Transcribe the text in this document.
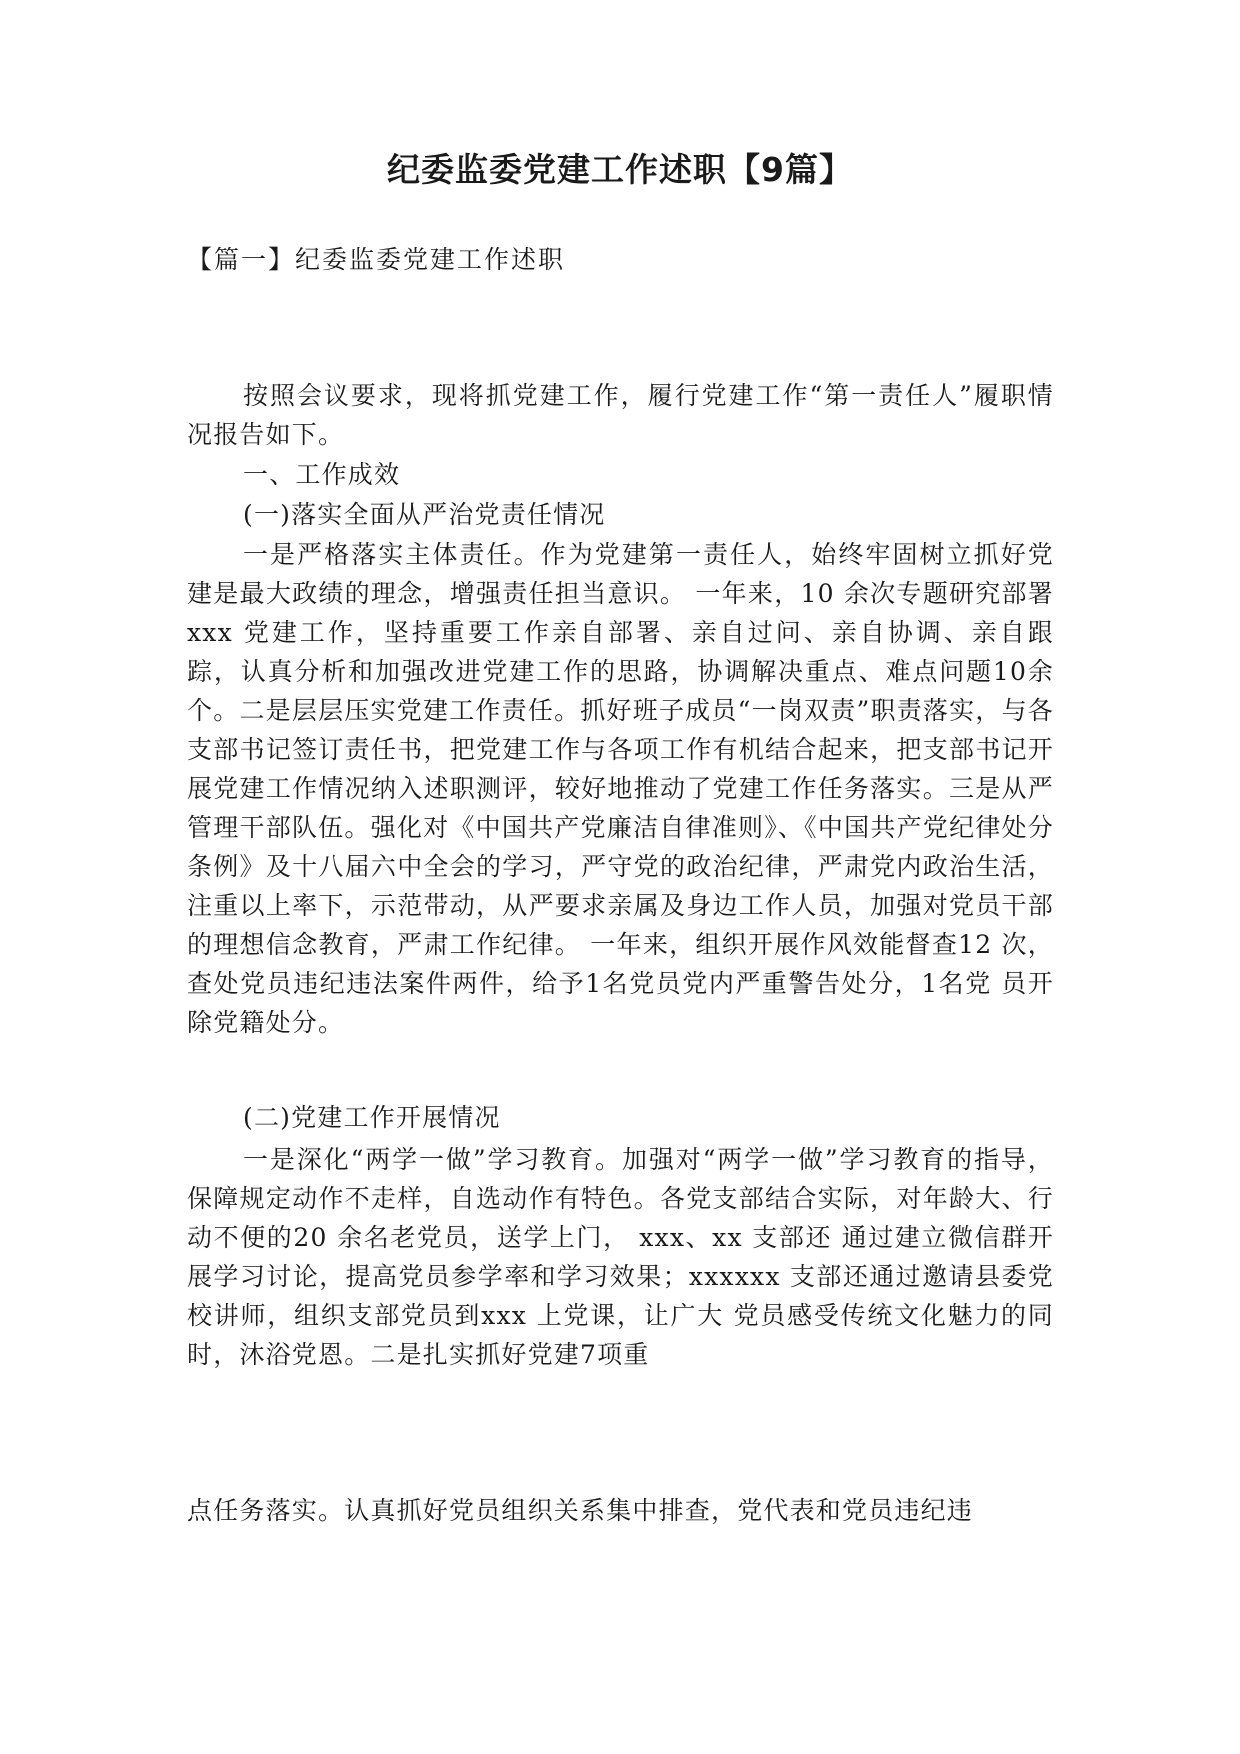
纪委监委党建工作述职【9篇】

【篇一】纪委监委党建工作述职

按照会议要求，现将抓党建工作，履行党建工作“第一责任人”履职情况报告如下。

一、工作成效

(一)落实全面从严治党责任情况

一是严格落实主体责任。作为党建第一责任人，始终牢固树立抓好党建是最大政绩的理念，增强责任担当意识。 一年来，10 余次专题研究部署xxx 党建工作，坚持重要工作亲自部署、亲自过问、亲自协调、亲自跟踪，认真分析和加强改进党建工作的思路，协调解决重点、难点问题10余个。二是层层压实党建工作责任。抓好班子成员“一岗双责”职责落实，与各支部书记签订责任书，把党建工作与各项工作有机结合起来，把支部书记开展党建工作情况纳入述职测评，较好地推动了党建工作任务落实。三是从严管理干部队伍。强化对《中国共产党廉洁自律准则》、《中国共产党纪律处分条例》及十八届六中全会的学习，严守党的政治纪律，严肃党内政治生活，注重以上率下，示范带动，从严要求亲属及身边工作人员，加强对党员干部的理想信念教育，严肃工作纪律。 一年来，组织开展作风效能督查12 次，查处党员违纪违法案件两件，给予1名党员党内严重警告处分，1名党 员开除党籍处分。

(二)党建工作开展情况

一是深化“两学一做”学习教育。加强对“两学一做”学习教育的指导，保障规定动作不走样，自选动作有特色。各党支部结合实际，对年龄大、行动不便的20 余名老党员，送学上门， xxx、xx 支部还 通过建立微信群开展学习讨论，提高党员参学率和学习效果；xxxxxx 支部还通过邀请县委党校讲师，组织支部党员到xxx 上党课，让广大 党员感受传统文化魅力的同时，沐浴党恩。二是扎实抓好党建7项重

点任务落实。认真抓好党员组织关系集中排查，党代表和党员违纪违
